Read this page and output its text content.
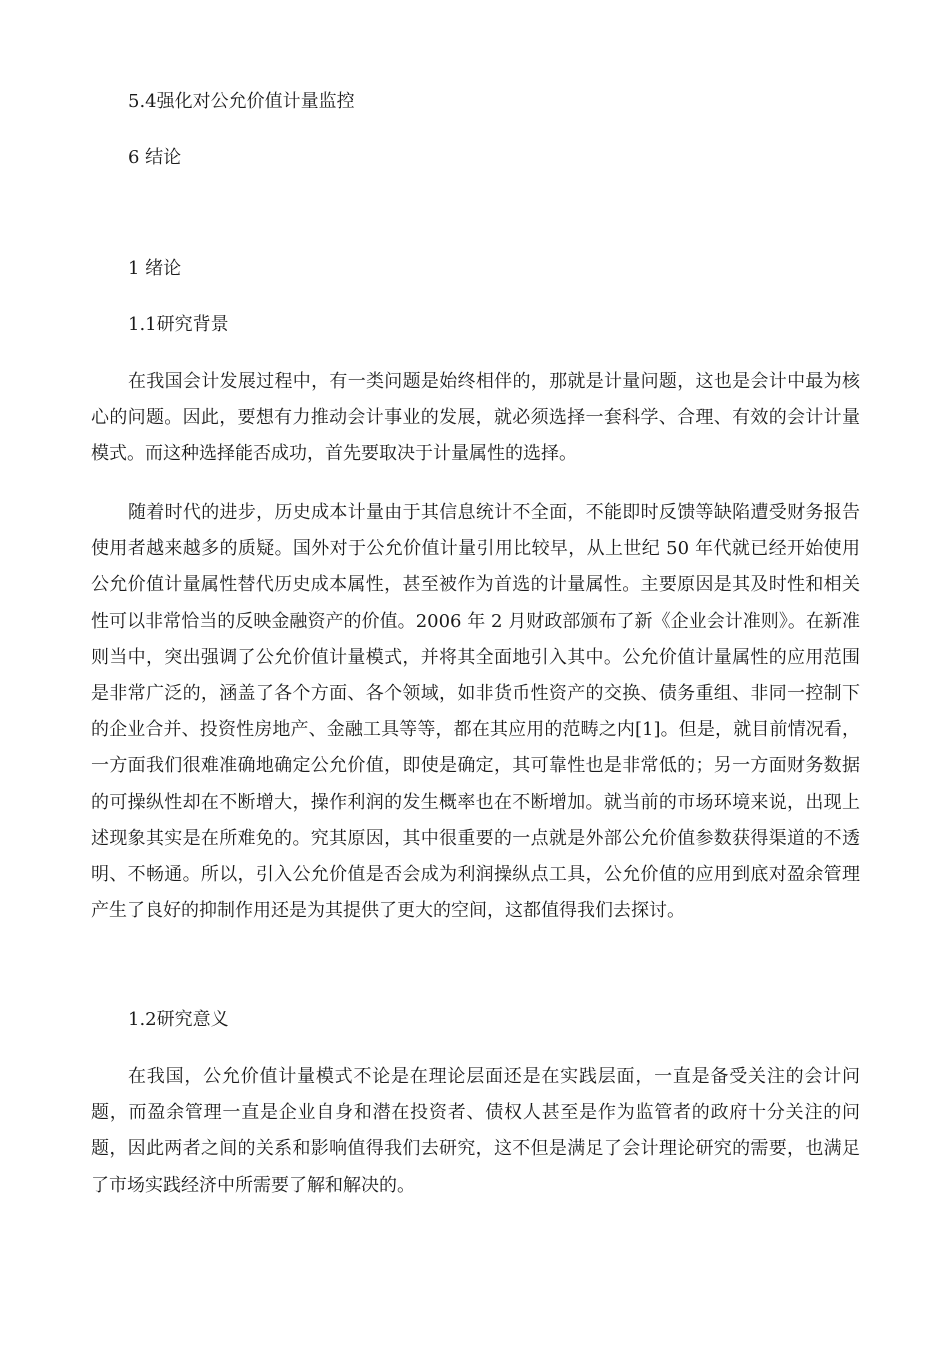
5.4强化对公允价值计量监控
6 结论
1 绪论
1.1研究背景

在我国会计发展过程中，有一类问题是始终相伴的，那就是计量问题，这也是会计中最为核心的问题。因此，要想有力推动会计事业的发展，就必须选择一套科学、合理、有效的会计计量模式。而这种选择能否成功，首先要取决于计量属性的选择。

随着时代的进步，历史成本计量由于其信息统计不全面，不能即时反馈等缺陷遭受财务报告使用者越来越多的质疑。国外对于公允价值计量引用比较早，从上世纪 50 年代就已经开始使用公允价值计量属性替代历史成本属性，甚至被作为首选的计量属性。主要原因是其及时性和相关性可以非常恰当的反映金融资产的价值。2006 年 2 月财政部颁布了新《企业会计准则》。在新准则当中，突出强调了公允价值计量模式，并将其全面地引入其中。公允价值计量属性的应用范围是非常广泛的，涵盖了各个方面、各个领域，如非货币性资产的交换、债务重组、非同一控制下的企业合并、投资性房地产、金融工具等等，都在其应用的范畴之内[1]。但是，就目前情况看，一方面我们很难准确地确定公允价值，即使是确定，其可靠性也是非常低的；另一方面财务数据的可操纵性却在不断增大，操作利润的发生概率也在不断增加。就当前的市场环境来说，出现上述现象其实是在所难免的。究其原因，其中很重要的一点就是外部公允价值参数获得渠道的不透明、不畅通。所以，引入公允价值是否会成为利润操纵点工具，公允价值的应用到底对盈余管理产生了良好的抑制作用还是为其提供了更大的空间，这都值得我们去探讨。

1.2研究意义

在我国，公允价值计量模式不论是在理论层面还是在实践层面，一直是备受关注的会计问题，而盈余管理一直是企业自身和潜在投资者、债权人甚至是作为监管者的政府十分关注的问题，因此两者之间的关系和影响值得我们去研究，这不但是满足了会计理论研究的需要，也满足了市场实践经济中所需要了解和解决的。
